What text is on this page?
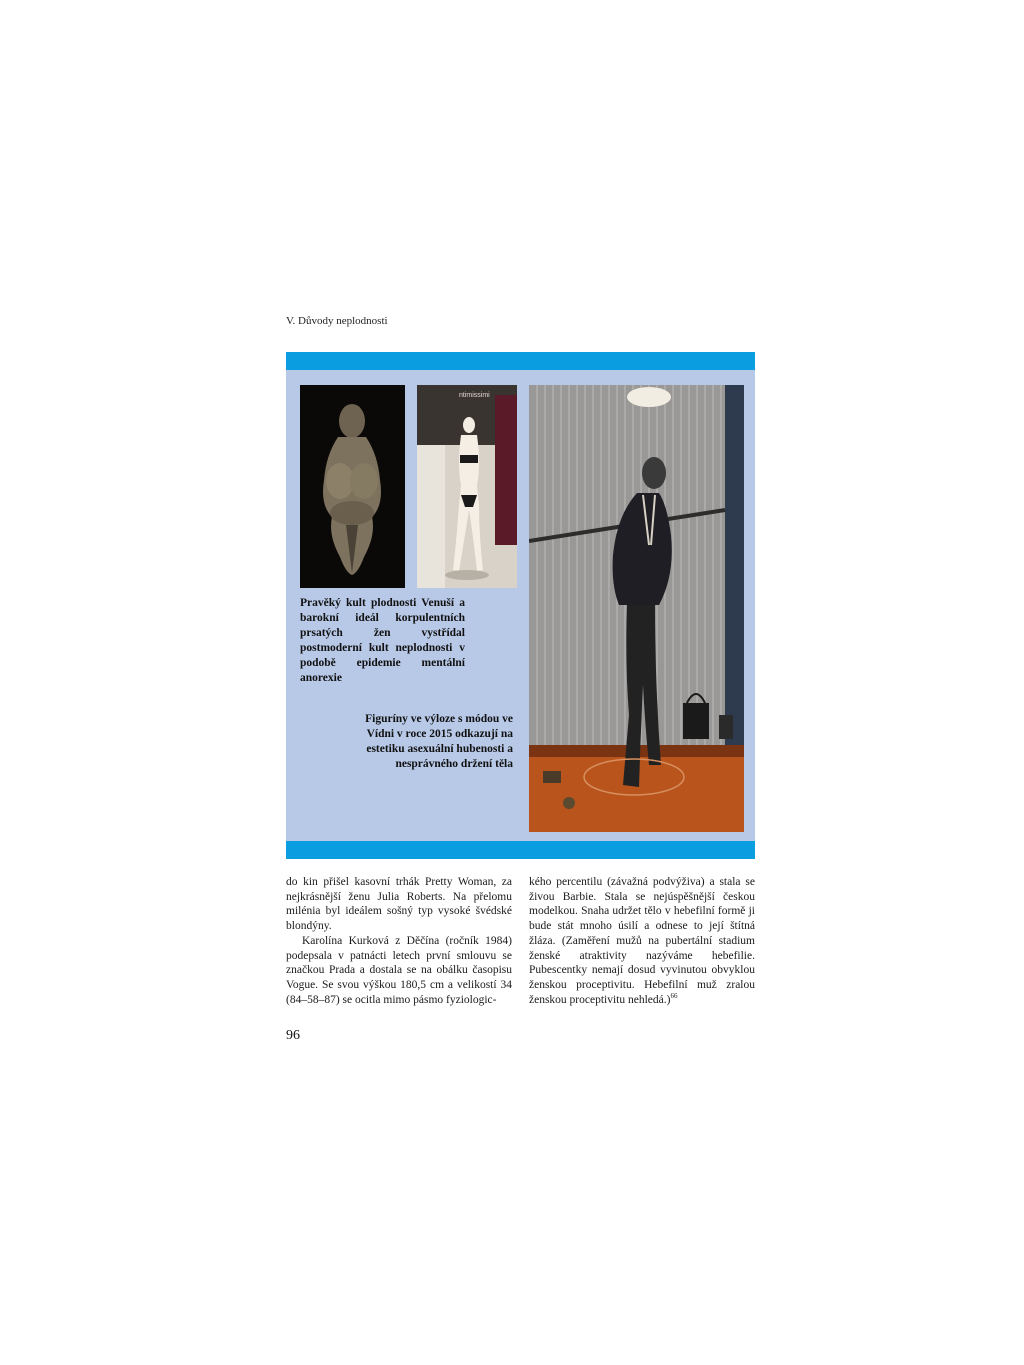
V. Důvody neplodnosti
ntimissimi
Pravěký kult plodnosti Venuší a barokní ideál korpulentních prsatých žen vystřídal postmoderní kult neplodnosti v podobě epidemie mentální anorexie
Figuríny ve výloze s módou ve Vídni v roce 2015 odkazují na estetiku asexuální hubenosti a nesprávného držení těla

do kin přišel kasovní trhák Pretty Woman, za nejkrásnější ženu Julia Roberts. Na přelomu milénia byl ideálem sošný typ vysoké švédské blondýny.

Karolína Kurková z Děčína (ročník 1984) podepsala v patnácti letech první smlouvu se značkou Prada a dostala se na obálku časopisu Vogue. Se svou výškou 180,5 cm a velikostí 34 (84–58–87) se ocitla mimo pásmo fyziologic-

kého percentilu (závažná podvýživa) a stala se živou Barbie. Stala se nejúspěšnější českou modelkou. Snaha udržet tělo v hebefilní formě ji bude stát mnoho úsilí a odnese to její štítná žláza. (Zaměření mužů na pubertální stadium ženské atraktivity nazýváme hebefilie. Pubescentky nemají dosud vyvinutou obvyklou ženskou proceptivitu. Hebefilní muž zralou ženskou proceptivitu nehledá.)$^{66}$

96
